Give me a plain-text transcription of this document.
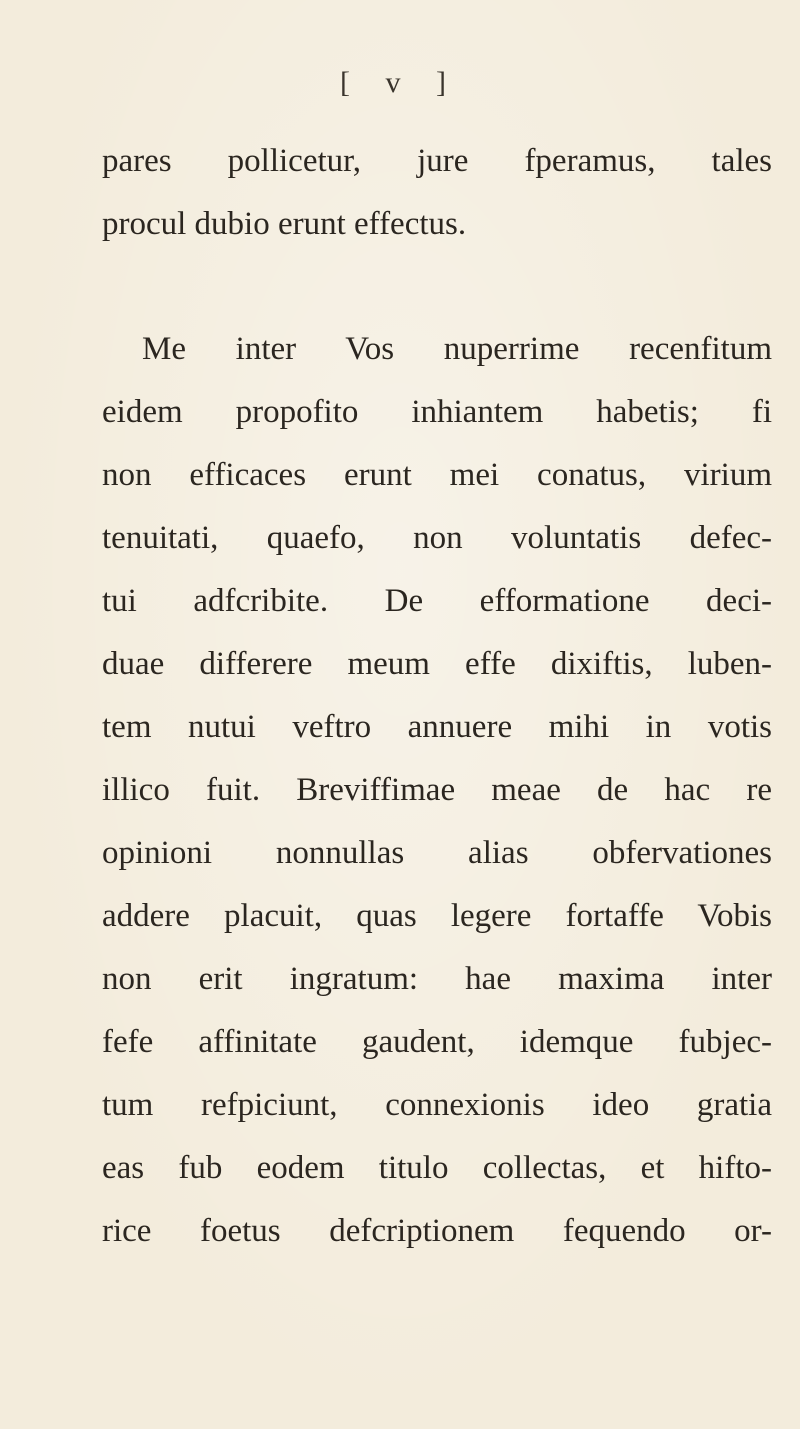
[ v ]
pares pollicetur, jure fperamus, tales
procul dubio erunt effectus.
Me inter Vos nuperrime recenfitum
eidem propofito inhiantem habetis; fi
non efficaces erunt mei conatus, virium
tenuitati, quaefo, non voluntatis defec-
tui adfcribite. De efformatione deci-
duae differere meum effe dixiftis, luben-
tem nutui veftro annuere mihi in votis
illico fuit. Breviffimae meae de hac re
opinioni nonnullas alias obfervationes
addere placuit, quas legere fortaffe Vobis
non erit ingratum: hae maxima inter
fefe affinitate gaudent, idemque fubjec-
tum refpiciunt, connexionis ideo gratia
eas fub eodem titulo collectas, et hifto-
rice foetus defcriptionem fequendo or-
